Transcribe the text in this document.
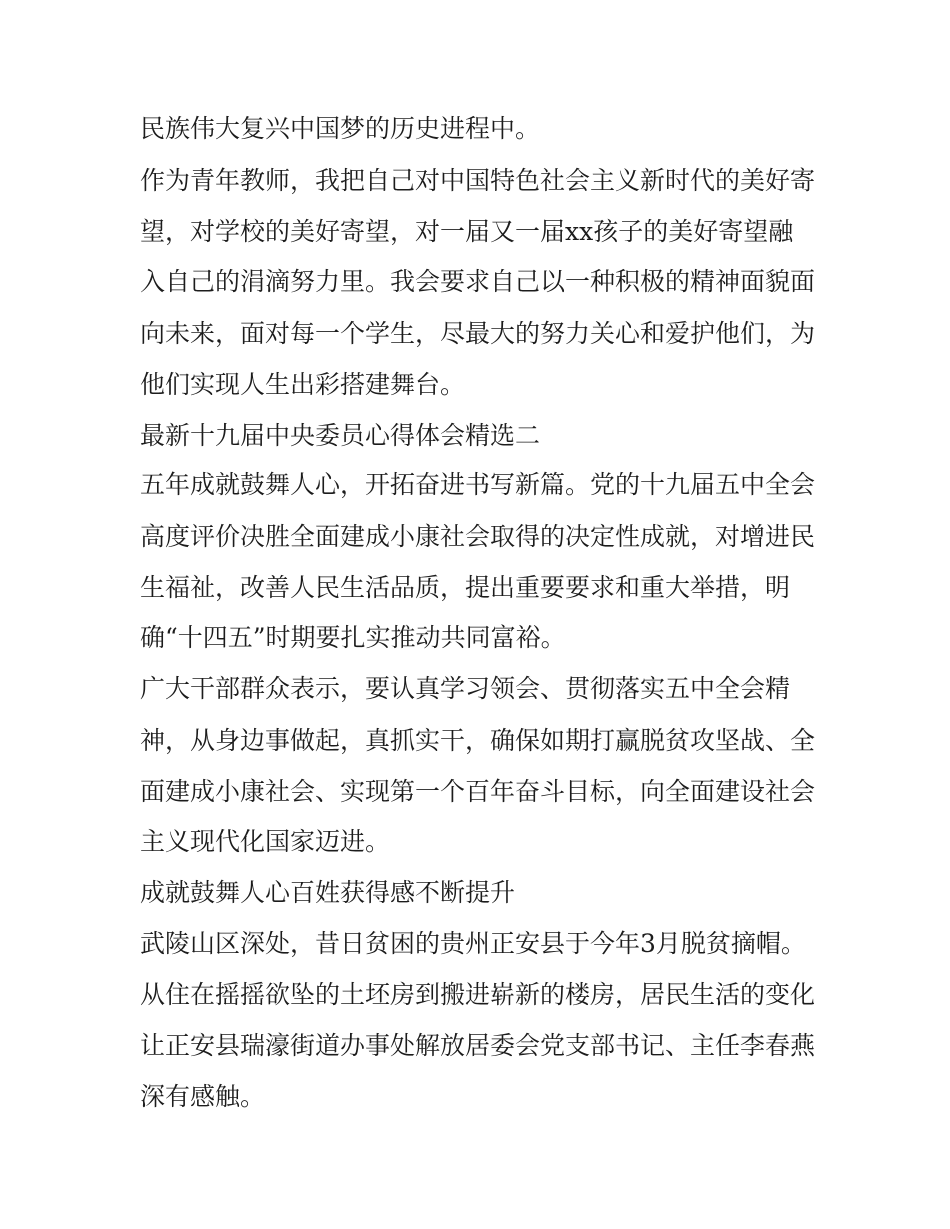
民族伟大复兴中国梦的历史进程中。
作为青年教师，我把自己对中国特色社会主义新时代的美好寄
望，对学校的美好寄望，对一届又一届xx孩子的美好寄望融
入自己的涓滴努力里。我会要求自己以一种积极的精神面貌面
向未来，面对每一个学生，尽最大的努力关心和爱护他们，为
他们实现人生出彩搭建舞台。
最新十九届中央委员心得体会精选二
五年成就鼓舞人心，开拓奋进书写新篇。党的十九届五中全会
高度评价决胜全面建成小康社会取得的决定性成就，对增进民
生福祉，改善人民生活品质，提出重要要求和重大举措，明
确“十四五”时期要扎实推动共同富裕。
广大干部群众表示，要认真学习领会、贯彻落实五中全会精
神，从身边事做起，真抓实干，确保如期打赢脱贫攻坚战、全
面建成小康社会、实现第一个百年奋斗目标，向全面建设社会
主义现代化国家迈进。
成就鼓舞人心百姓获得感不断提升
武陵山区深处，昔日贫困的贵州正安县于今年3月脱贫摘帽。
从住在摇摇欲坠的土坯房到搬进崭新的楼房，居民生活的变化
让正安县瑞濠街道办事处解放居委会党支部书记、主任李春燕
深有感触。
